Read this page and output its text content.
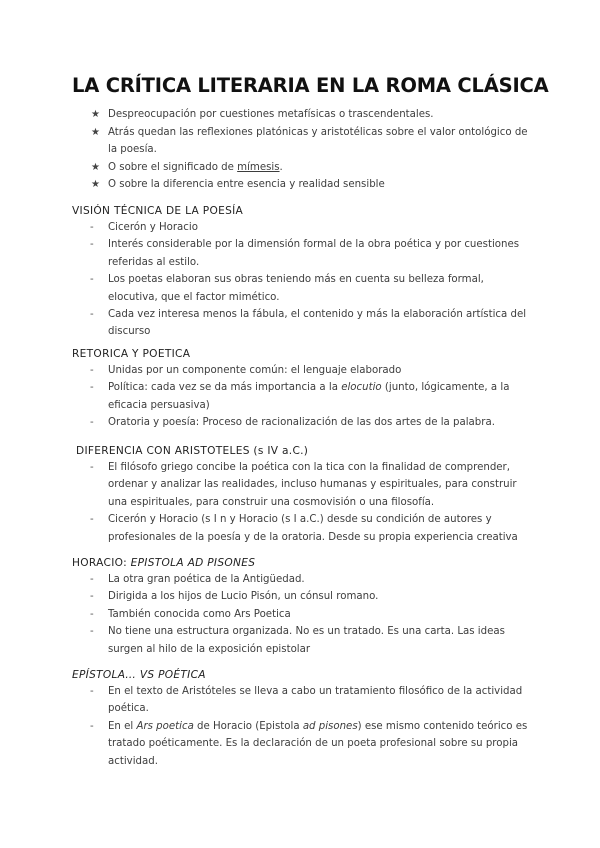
LA CRÍTICA LITERARIA EN LA ROMA CLÁSICA
★ Despreocupación por cuestiones metafísicas o trascendentales.
★ Atrás quedan las reflexiones platónicas y aristotélicas sobre el valor ontológico de la poesía.
★ O sobre el significado de mímesis.
★ O sobre la diferencia entre esencia y realidad sensible
VISIÓN TÉCNICA DE LA POESÍA
- Cicerón y Horacio
- Interés considerable por la dimensión formal de la obra poética y por cuestiones referidas al estilo.
- Los poetas elaboran sus obras teniendo más en cuenta su belleza formal, elocutiva, que el factor mimético.
- Cada vez interesa menos la fábula, el contenido y más la elaboración artística del discurso
RETORICA Y POETICA
- Unidas por un componente común: el lenguaje elaborado
- Política: cada vez se da más importancia a la elocutio (junto, lógicamente, a la eficacia persuasiva)
- Oratoria y poesía: Proceso de racionalización de las dos artes de la palabra.
DIFERENCIA CON ARISTOTELES (s IV a.C.)
- El filósofo griego concibe la poética con la tica con la finalidad de comprender, ordenar y analizar las realidades, incluso humanas y espirituales, para construir una espirituales, para construir una cosmovisión o una filosofía.
- Cicerón y Horacio (s I n y Horacio (s I a.C.) desde su condición de autores y profesionales de la poesía y de la oratoria. Desde su propia experiencia creativa
HORACIO: EPISTOLA AD PISONES
- La otra gran poética de la Antigüedad.
- Dirigida a los hijos de Lucio Pisón, un cónsul romano.
- También conocida como Ars Poetica
- No tiene una estructura organizada. No es un tratado. Es una carta. Las ideas surgen al hilo de la exposición epistolar
EPÍSTOLA… VS POÉTICA
- En el texto de Aristóteles se lleva a cabo un tratamiento filosófico de la actividad poética.
- En el Ars poetica de Horacio (Epistola ad pisones) ese mismo contenido teórico es tratado poéticamente. Es la declaración de un poeta profesional sobre su propia actividad.
